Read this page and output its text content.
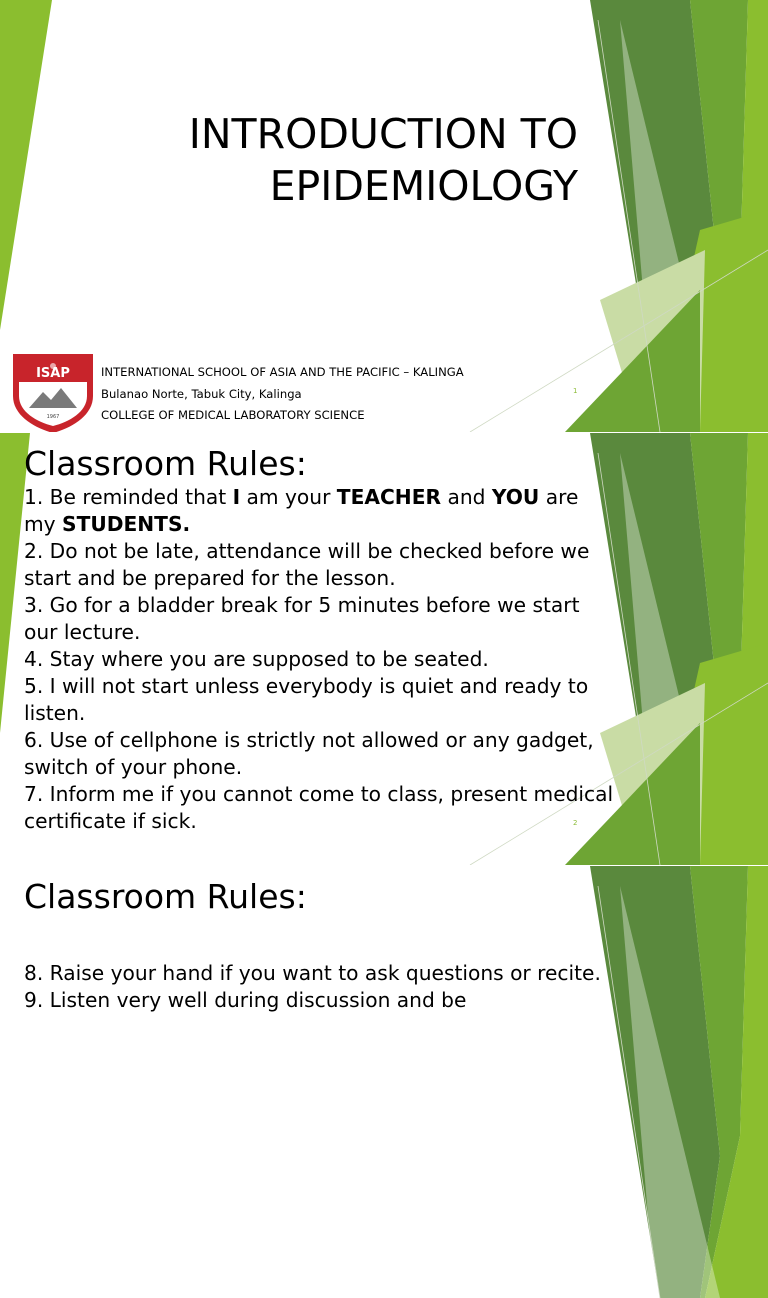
INTRODUCTION TO
EPIDEMIOLOGY
ISAP
1967
INTERNATIONAL SCHOOL OF ASIA AND THE PACIFIC – KALINGA
Bulanao Norte, Tabuk City, Kalinga
COLLEGE OF MEDICAL LABORATORY SCIENCE
1
Classroom Rules:
1. Be reminded that I am your TEACHER and YOU are my STUDENTS.
2. Do not be late, attendance will be checked before we start and be prepared for the lesson.
3. Go for a bladder break for 5 minutes before we start our lecture.
4. Stay where you are supposed to be seated.
5. I will not start unless everybody is quiet and ready to listen.
6. Use of cellphone is strictly not allowed or any gadget, switch of your phone.
7. Inform me if you cannot come to class, present medical certificate if sick.	2
Classroom Rules:
8. Raise your hand if you want to ask questions or recite.
9. Listen very well during discussion and be
